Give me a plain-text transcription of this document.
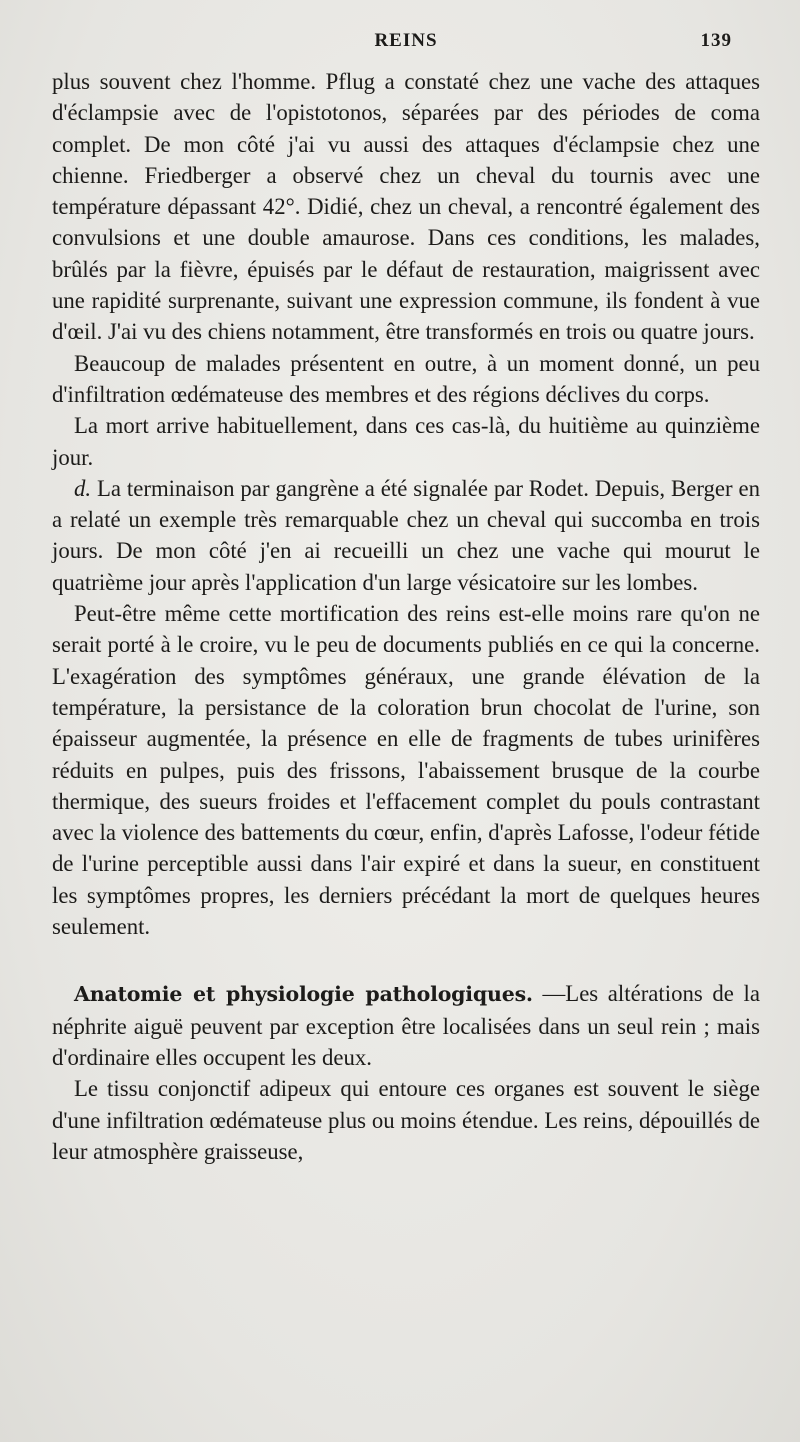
REINS	139

plus souvent chez l'homme. Pflug a constaté chez une vache des attaques d'éclampsie avec de l'opistotonos, séparées par des périodes de coma complet. De mon côté j'ai vu aussi des attaques d'éclampsie chez une chienne. Friedberger a observé chez un cheval du tournis avec une température dépassant 42°. Didié, chez un cheval, a rencontré également des convulsions et une double amaurose. Dans ces conditions, les malades, brûlés par la fièvre, épuisés par le défaut de restauration, maigrissent avec une rapidité surprenante, suivant une expression commune, ils fondent à vue d'œil. J'ai vu des chiens notamment, être transformés en trois ou quatre jours.

Beaucoup de malades présentent en outre, à un moment donné, un peu d'infiltration œdémateuse des membres et des régions déclives du corps.

La mort arrive habituellement, dans ces cas-là, du huitième au quinzième jour.

d. La terminaison par gangrène a été signalée par Rodet. Depuis, Berger en a relaté un exemple très remarquable chez un cheval qui succomba en trois jours. De mon côté j'en ai recueilli un chez une vache qui mourut le quatrième jour après l'application d'un large vésicatoire sur les lombes.

Peut-être même cette mortification des reins est-elle moins rare qu'on ne serait porté à le croire, vu le peu de documents publiés en ce qui la concerne. L'exagération des symptômes généraux, une grande élévation de la température, la persistance de la coloration brun chocolat de l'urine, son épaisseur augmentée, la présence en elle de fragments de tubes urinifères réduits en pulpes, puis des frissons, l'abaissement brusque de la courbe thermique, des sueurs froides et l'effacement complet du pouls contrastant avec la violence des battements du cœur, enfin, d'après Lafosse, l'odeur fétide de l'urine perceptible aussi dans l'air expiré et dans la sueur, en constituent les symptômes propres, les derniers précédant la mort de quelques heures seulement.

Anatomie et physiologie pathologiques. —Les altérations de la néphrite aiguë peuvent par exception être localisées dans un seul rein ; mais d'ordinaire elles occupent les deux.

Le tissu conjonctif adipeux qui entoure ces organes est souvent le siège d'une infiltration œdémateuse plus ou moins étendue. Les reins, dépouillés de leur atmosphère graisseuse,
